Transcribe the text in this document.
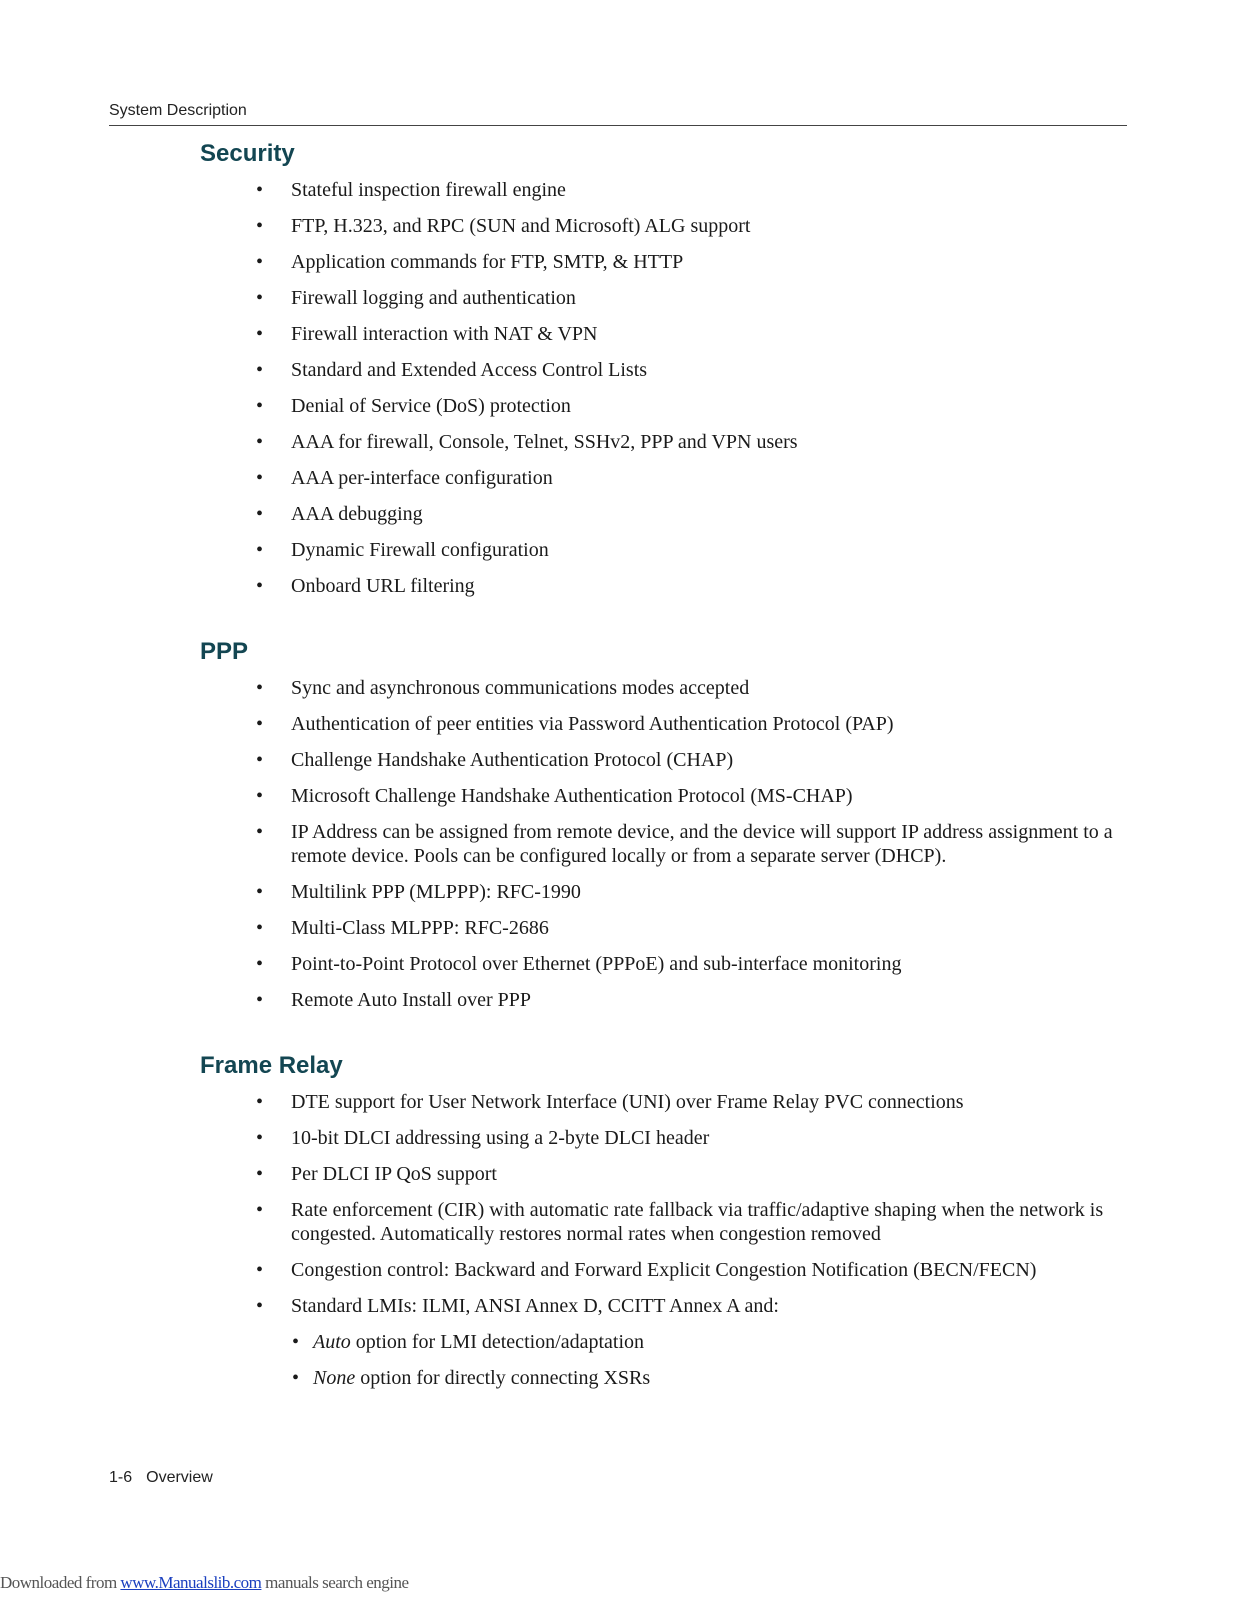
System Description
Security
• Stateful inspection firewall engine
• FTP, H.323, and RPC (SUN and Microsoft) ALG support
• Application commands for FTP, SMTP, & HTTP
• Firewall logging and authentication
• Firewall interaction with NAT & VPN
• Standard and Extended Access Control Lists
• Denial of Service (DoS) protection
• AAA for firewall, Console, Telnet, SSHv2, PPP and VPN users
• AAA per-interface configuration
• AAA debugging
• Dynamic Firewall configuration
• Onboard URL filtering
PPP
• Sync and asynchronous communications modes accepted
• Authentication of peer entities via Password Authentication Protocol (PAP)
• Challenge Handshake Authentication Protocol (CHAP)
• Microsoft Challenge Handshake Authentication Protocol (MS-CHAP)
• IP Address can be assigned from remote device, and the device will support IP address assignment to a remote device. Pools can be configured locally or from a separate server (DHCP).
• Multilink PPP (MLPPP): RFC-1990
• Multi-Class MLPPP: RFC-2686
• Point-to-Point Protocol over Ethernet (PPPoE) and sub-interface monitoring
• Remote Auto Install over PPP
Frame Relay
• DTE support for User Network Interface (UNI) over Frame Relay PVC connections
• 10-bit DLCI addressing using a 2-byte DLCI header
• Per DLCI IP QoS support
• Rate enforcement (CIR) with automatic rate fallback via traffic/adaptive shaping when the network is congested. Automatically restores normal rates when congestion removed
• Congestion control: Backward and Forward Explicit Congestion Notification (BECN/FECN)
• Standard LMIs: ILMI, ANSI Annex D, CCITT Annex A and:
• Auto option for LMI detection/adaptation
• None option for directly connecting XSRs
1-6 Overview
Downloaded from www.Manualslib.com manuals search engine
